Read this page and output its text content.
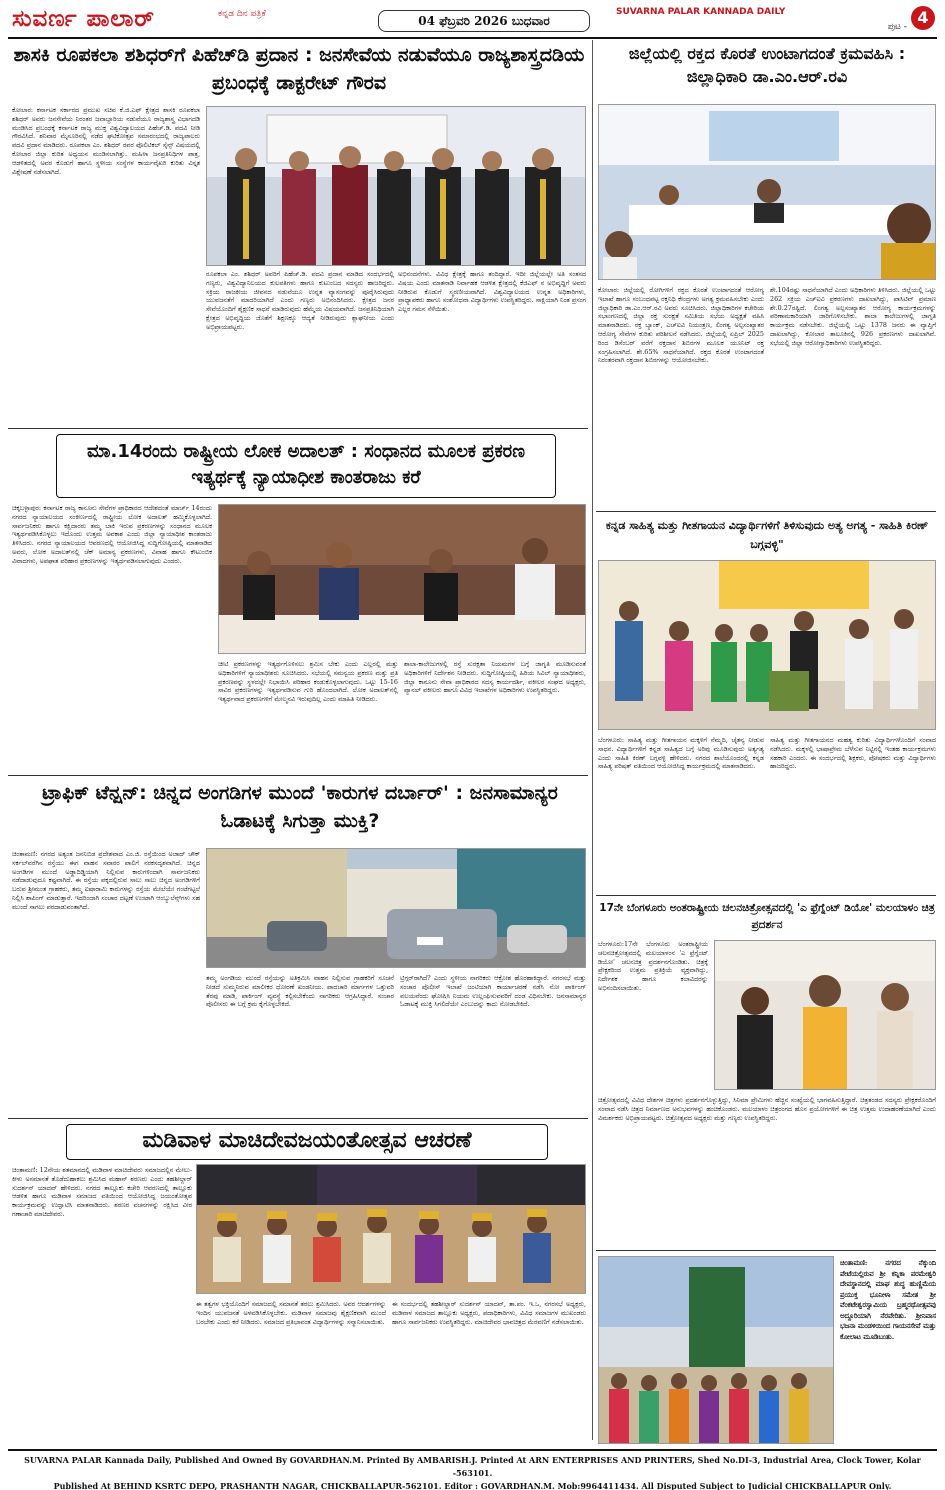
ಸುವರ್ಣ ಪಾಲಾರ್	ಕನ್ನಡ ದಿನ ಪತ್ರಿಕೆ	04 ಫೆಬ್ರವರಿ 2026 ಬುಧವಾರ
SUVARNA PALAR KANNADA DAILY
ಪುಟ - 4
ಶಾಸಕಿ ರೂಪಕಲಾ ಶಶಿಧರ್‌ಗೆ ಪಿಹೆಚ್‌ಡಿ ಪ್ರದಾನ : ಜನಸೇವೆಯ ನಡುವೆಯೂ ರಾಜ್ಯಶಾಸ್ತ್ರದಡಿಯ ಪ್ರಬಂಧಕ್ಕೆ ಡಾಕ್ಟರೇಟ್ ಗೌರವ
ಕೋಲಾರ: ಕರ್ನಾಟಕ ಸರ್ಕಾರದ ಪ್ರಮುಖ ಸಚಿವ ಕೆ.ಜಿ.ಎಫ್ ಕ್ಷೇತ್ರದ ಶಾಸಕಿ ರೂಪಕಲಾ ಶಶಿಧರ್ ಅವರು ಜನಸೇವೆಯ ನಿರಂತರ ಜವಾಬ್ದಾರಿಯ ನಡುವೆಯೂ ರಾಜ್ಯಶಾಸ್ತ್ರ ವಿಭಾಗದಡಿ ಮಂಡಿಸಿದ ಪ್ರಬಂಧಕ್ಕೆ ಕರ್ನಾಟಕ ರಾಜ್ಯ ಮುಕ್ತ ವಿಶ್ವವಿದ್ಯಾಲಯದ ಪಿಹೆಚ್.ಡಿ. ಪದವಿ ನೀಡಿ ಗೌರವಿಸಿದೆ. ಶನಿವಾರ ಮೈಸೂರಿನಲ್ಲಿ ನಡೆದ ಘಟಿಕೋತ್ಸವ ಸಮಾರಂಭದಲ್ಲಿ ರಾಜ್ಯಪಾಲರು ಪದವಿ ಪ್ರದಾನ ಮಾಡಿದರು. ರೂಪಕಲಾ ಎಂ. ಶಶಿಧರ್ ರವರ ಪೊಲಿಟಿಕಲ್ ಸೈನ್ಸ್ ವಿಷಯದಲ್ಲಿ ಕೋಲಾರ ಜಿಲ್ಲಾ ಕುರಿತ ಅಧ್ಯಯನ ಮಂಡಿಸಲಾಗಿತ್ತು. ಮಹಿಳಾ ಜನಪ್ರತಿನಿಧಿಗಳ ಪಾತ್ರ, ಆಡಳಿತದಲ್ಲಿ ಅವರ ಕೊಡುಗೆ ಹಾಗೂ ಸ್ಥಳೀಯ ಸಂಸ್ಥೆಗಳ ಕಾರ್ಯವೈಖರಿ ಕುರಿತು ವಿಸ್ತೃತ ವಿಶ್ಲೇಷಣೆ ನಡೆಸಲಾಗಿದೆ.
ರೂಪಕಲಾ ಎಂ. ಶಶಿಧರ್ ಅವರಿಗೆ ಪಿಹೆಚ್.ಡಿ. ಪದವಿ ಪ್ರದಾನ ಮಾಡಿದ ಸಂದರ್ಭದಲ್ಲಿ ಗಣ್ಯರು, ವಿಶ್ವವಿದ್ಯಾನಿಲಯದ ಕುಲಪತಿಗಳು ಹಾಗೂ ಕುಟುಂಬದ ಸದಸ್ಯರು ಹಾಜರಿದ್ದರು. ಸಕ್ರಿಯ ರಾಜಕೀಯ ಜೀವನದ ನಡುವೆಯೂ ಉನ್ನತ ವ್ಯಾಸಂಗವನ್ನು ಪೂರೈಸಿರುವುದು ಯುವಜನತೆಗೆ ಮಾದರಿಯಾಗಿದೆ ಎಂದು ಗಣ್ಯರು ಅಭಿನಂದಿಸಿದರು. ಕ್ಷೇತ್ರದ ಜನರ ಸೇವೆಯೊಂದಿಗೆ ಶೈಕ್ಷಣಿಕ ಸಾಧನೆ ಮಾಡಿರುವುದು ಹೆಮ್ಮೆಯ ವಿಷಯವಾಗಿದೆ. ಜನಪ್ರತಿನಿಧಿಯಾಗಿ ಕ್ಷೇತ್ರದ ಅಭಿವೃದ್ಧಿಯ ಜೊತೆಗೆ ಶಿಕ್ಷಣಕ್ಕೂ ಆದ್ಯತೆ ನೀಡಿರುವುದು ಶ್ಲಾಘನೀಯ ಎಂದು ಅಭಿಪ್ರಾಯಪಟ್ಟರು.
ಅಭಿನಂದನೆಗಳು. ವಿವಿಧ ಕ್ಷೇತ್ರಕ್ಕೆ ಹಾಗೂ ತಂದಿದ್ದಾರೆ. ಇದೀ ಜಿಲ್ಲೆಯಲ್ಲೇ ಅತಿ ಸಂತಸದ ವಿಷಯ ಎಂದು ಮಾತನಾಡಿ ನಿರ್ವಾಹಕ ಆಡಳಿತ ಕ್ಷೇತ್ರದಲ್ಲಿ ಕೆಜಿಎಫ್ ನ ಅಭಿವೃದ್ಧಿಗೆ ಅವರು ನೀಡಿರುವ ಕೊಡುಗೆ ಸ್ಮರಣೀಯವಾಗಿದೆ. ವಿಶ್ವವಿದ್ಯಾಲಯದ ಉನ್ನತ ಅಧಿಕಾರಿಗಳು, ಪ್ರಾಧ್ಯಾಪಕರು ಹಾಗೂ ಸಂಶೋಧನಾ ವಿದ್ಯಾರ್ಥಿಗಳು ಉಪಸ್ಥಿತರಿದ್ದರು. ಸಾಕ್ಷಿಯಾಗಿ ನಿಂತ ಪ್ರಸಂಗ ಎಲ್ಲರ ಗಮನ ಸೆಳೆಯಿತು.
ಮಾ.14ರಂದು ರಾಷ್ಟ್ರೀಯ ಲೋಕ ಅದಾಲತ್ : ಸಂಧಾನದ ಮೂಲಕ ಪ್ರಕರಣ ಇತ್ಯರ್ಥಕ್ಕೆ ನ್ಯಾಯಾಧೀಶ ಕಾಂತರಾಜು ಕರೆ
ಚಿಕ್ಕಬಳ್ಳಾಪುರ: ಕರ್ನಾಟಕ ರಾಜ್ಯ ಕಾನೂನು ಸೇವೆಗಳ ಪ್ರಾಧಿಕಾರದ ಆದೇಶದಂತೆ ಮಾರ್ಚ್ 14ರಂದು ನಗರದ ನ್ಯಾಯಾಲಯದ ಸಂಕೀರ್ಣದಲ್ಲಿ ರಾಷ್ಟ್ರೀಯ ಲೋಕ ಅದಾಲತ್ ಹಮ್ಮಿಕೊಳ್ಳಲಾಗಿದೆ. ಸಾರ್ವಜನಿಕರು ಹಾಗೂ ಕಕ್ಷಿದಾರರು ತಮ್ಮ ಬಾಕಿ ಇರುವ ಪ್ರಕರಣಗಳನ್ನು ಸಂಧಾನದ ಮೂಲಕ ಇತ್ಯರ್ಥಪಡಿಸಿಕೊಳ್ಳಲು ಇದೊಂದು ಉತ್ತಮ ಅವಕಾಶ ಎಂದು ಜಿಲ್ಲಾ ನ್ಯಾಯಾಧೀಶ ಕಾಂತರಾಜು ತಿಳಿಸಿದರು. ನಗರದ ನ್ಯಾಯಾಲಯದ ಆವರಣದಲ್ಲಿ ಆಯೋಜಿಸಿದ್ದ ಸುದ್ದಿಗೋಷ್ಠಿಯಲ್ಲಿ ಮಾತನಾಡಿದ ಅವರು, ಲೋಕ ಅದಾಲತ್‌ನಲ್ಲಿ ಚೆಕ್ ಅಮಾನ್ಯ ಪ್ರಕರಣಗಳು, ವಿವಾಹ ಹಾಗೂ ಕೌಟುಂಬಿಕ ವಿವಾದಗಳು, ಅಪಘಾತ ಪರಿಹಾರ ಪ್ರಕರಣಗಳನ್ನು ಇತ್ಯರ್ಥಪಡಿಸಲಾಗುವುದು ಎಂದರು.
ಚೀಟಿ ಪ್ರಕರಣಗಳನ್ನು ಇತ್ಯರ್ಥಗೊಳಿಸಲು ಶ್ರಮಿಸ ಬೇಕು ಎಂದು ಎಲ್ಲರಲ್ಲಿ ಮತ್ತು ಅಧಿಕಾರಿಗಳಿಗೆ ನ್ಯಾಯಾಧೀಶರು ಸೂಚಿಸಿದರು. ಸಭೆಯಲ್ಲಿ ಸಮನ್ವಯ ಪ್ರಕರಣ ಮತ್ತು ಪ್ರತಿ ಪ್ರಕರಣವನ್ನು ಸ್ಥಳದಲ್ಲೇ ನಿಭಾಯಿಸಿ ಪರಿಹಾರ ಕಂಡುಕೊಳ್ಳಲಾಗುವುದು. ಒಟ್ಟು 15-16 ಸಾವಿರ ಪ್ರಕರಣಗಳನ್ನು ಇತ್ಯರ್ಥಪಡಿಸುವ ಗುರಿ ಹೊಂದಲಾಗಿದೆ. ಲೋಕ ಅದಾಲತ್‌ನಲ್ಲಿ ಇತ್ಯರ್ಥವಾದ ಪ್ರಕರಣಗಳಿಗೆ ಮೇಲ್ಮನವಿ ಇರುವುದಿಲ್ಲ ಎಂದು ಮಾಹಿತಿ ನೀಡಿದರು.
ಶಾಲಾ-ಕಾಲೇಜುಗಳಲ್ಲಿ ರಸ್ತೆ ಸುರಕ್ಷತಾ ನಿಯಮಗಳ ಬಗ್ಗೆ ಜಾಗೃತಿ ಮೂಡಿಸುವಂತೆ ಅಧಿಕಾರಿಗಳಿಗೆ ನಿರ್ದೇಶನ ನೀಡಿದರು. ಸುದ್ದಿಗೋಷ್ಠಿಯಲ್ಲಿ ಹಿರಿಯ ಸಿವಿಲ್ ನ್ಯಾಯಾಧೀಶರು, ಜಿಲ್ಲಾ ಕಾನೂನು ಸೇವಾ ಪ್ರಾಧಿಕಾರದ ಸದಸ್ಯ ಕಾರ್ಯದರ್ಶಿ, ವಕೀಲರ ಸಂಘದ ಅಧ್ಯಕ್ಷರು, ಪ್ಯಾನಲ್ ವಕೀಲರು ಹಾಗೂ ವಿವಿಧ ಇಲಾಖೆಗಳ ಅಧಿಕಾರಿಗಳು ಉಪಸ್ಥಿತರಿದ್ದರು.
ಟ್ರಾಫಿಕ್ ಟೆನ್ಷನ್: ಚಿನ್ನದ ಅಂಗಡಿಗಳ ಮುಂದೆ 'ಕಾರುಗಳ ದರ್ಬಾರ್' : ಜನಸಾಮಾನ್ಯರ ಓಡಾಟಕ್ಕೆ ಸಿಗುತ್ತಾ ಮುಕ್ತಿ?
ಚಿಂತಾಮಣಿ: ನಗರದ ಅತ್ಯಂತ ಜನನಿಬಿಡ ಪ್ರದೇಶವಾದ ಎಂ.ಜಿ. ರಸ್ತೆಯಿಂದ ಅಜಾದ್ ಚೌಕ್ ಸರ್ಕಲ್‌ವರೆಗಿನ ರಸ್ತೆಯು ಈಗ ವಾಹನ ಸವಾರರ ಪಾಲಿಗೆ ನರಕಸದೃಶವಾಗಿದೆ. ಚಿನ್ನದ ಅಂಗಡಿಗಳ ಮುಂದೆ ಅಡ್ಡಾದಿಡ್ಡಿಯಾಗಿ ನಿಲ್ಲಿಸುವ ಕಾರುಗಳಿಂದಾಗಿ ಸಾರ್ವಜನಿಕರು ನಡೆದಾಡುವುದೂ ಕಷ್ಟವಾಗಿದೆ. ಈ ರಸ್ತೆಯ ಪಕ್ಕದಲ್ಲಿರುವ ಸಾಲು ಸಾಲು ಚಿನ್ನದ ಅಂಗಡಿಗಳಿಗೆ ಬರುವ ಶ್ರೀಮಂತ ಗ್ರಾಹಕರು, ತಮ್ಮ ಐಷಾರಾಮಿ ಕಾರುಗಳನ್ನು ರಸ್ತೆಯ ಮೇಲೆಯೇ ಗಂಟೆಗಟ್ಟಲೆ ನಿಲ್ಲಿಸಿ ಶಾಪಿಂಗ್ ಮಾಡುತ್ತಾರೆ. ಇದರಿಂದಾಗಿ ಸಂಚಾರ ದಟ್ಟಣೆ ಉಂಟಾಗಿ ಆಂಬ್ಯುಲೆನ್ಸ್‌ಗಳು ಸಹ ಮುಂದೆ ಸಾಗಲು ಪರದಾಡುವಂತಾಗಿದೆ.
ತಮ್ಮ ಅಂಗಡಿಯ ಮುಂದೆ ರಸ್ತೆಯನ್ನು ಅತಿಕ್ರಮಿಸಿ ವಾಹನ ನಿಲ್ಲಿಸುವ ಗ್ರಾಹಕರಿಗೆ ಸೂಚನೆ ನೀಡದೆ ಸುಮ್ಮನಿರುವ ಮಾಲೀಕರ ಧೋರಣೆ ಖಂಡನೀಯ. ಪಾದಚಾರಿ ಮಾರ್ಗಗಳ ಒತ್ತುವರಿ ತೆರವು ಮಾಡಿ, ಪಾರ್ಕಿಂಗ್ ವ್ಯವಸ್ಥೆ ಕಲ್ಪಿಸಬೇಕೆಂದು ನಾಗರಿಕರು ಆಗ್ರಹಿಸಿದ್ದಾರೆ. ಸಂಚಾರ ಪೊಲೀಸರು ಈ ಬಗ್ಗೆ ಕ್ರಮ ಕೈಗೊಳ್ಳಬೇಕಿದೆ.
ಟ್ರಿಗ್ಗರ್‌ರಾಗಿದೆ? ಎಂದು ಸ್ಥಳೀಯ ನಾಗರಿಕರು ಆಕ್ರೋಶ ಹೊರಹಾಕಿದ್ದಾರೆ. ನಗರಸಭೆ ಮತ್ತು ಸಂಚಾರ ಪೊಲೀಸ್ ಇಲಾಖೆ ಜಂಟಿಯಾಗಿ ಕಾರ್ಯಾಚರಣೆ ನಡೆಸಿ ನೋ ಪಾರ್ಕಿಂಗ್ ವಲಯವೆಂದು ಘೋಷಿಸಿ ನಿಯಮ ಉಲ್ಲಂಘಿಸುವವರಿಗೆ ದಂಡ ವಿಧಿಸಬೇಕು. ಜನಸಾಮಾನ್ಯರ ಓಡಾಟಕ್ಕೆ ಮುಕ್ತಿ ಸಿಗಲಿದೆಯೇ ಎಂಬುದನ್ನು ಕಾದು ನೋಡಬೇಕಿದೆ.
ಮಡಿವಾಳ ಮಾಚಿದೇವಜಯಂತೋತ್ಸವ ಆಚರಣೆ
ಚಿಂತಾಮಣಿ: 12ನೇಯ ಶತಮಾನದಲ್ಲಿ ಮಡಿವಾಳ ಮಾಚಿದೇವರು ಸಮಾಜದಲ್ಲಿನ ಮೇಲು-ಕೀಳು ಅಸಮಾನತೆ ತೊಡೆದುಹಾಕಲು ಶ್ರಮಿಸಿದ ಮಹಾನ್ ಶರಣರು ಎಂದು ತಹಶೀಲ್ದಾರ್ ಸುದರ್ಶನ್ ಯಾದವ್ ಹೇಳಿದರು. ನಗರದ ತಾಲ್ಲೂಕು ಕಚೇರಿ ಆವರಣದಲ್ಲಿ ತಾಲ್ಲೂಕು ಆಡಳಿತ ಹಾಗೂ ಮಡಿವಾಳ ಸಮಾಜದ ವತಿಯಿಂದ ಆಯೋಜಿಸಿದ್ದ ಜಯಂತೋತ್ಸವ ಕಾರ್ಯಕ್ರಮವನ್ನು ಉದ್ಘಾಟಿಸಿ ಮಾತನಾಡಿದರು. ಶರಣರ ವಚನಗಳನ್ನು ರಕ್ಷಿಸಿದ ವೀರ ಗಣಾಚಾರಿ ಮಾಚಿದೇವರು.
ಈ ತತ್ವಗಳ ಭಕ್ತಿಯೊಂದಿಗೆ ಸಮಾಜದಲ್ಲಿ ಸಮಾನತೆ ತರಲು ಶ್ರಮಿಸಿದರು. ಅವರ ಆದರ್ಶಗಳನ್ನು ಇಂದಿನ ಯುವಜನತೆ ಅಳವಡಿಸಿಕೊಳ್ಳಬೇಕು. ಮಡಿವಾಳ ಸಮಾಜವು ಶೈಕ್ಷಣಿಕವಾಗಿ ಮುಂದೆ ಬರಬೇಕು ಎಂದು ಕರೆ ನೀಡಿದರು. ಸಮಾಜದ ಪ್ರತಿಭಾವಂತ ವಿದ್ಯಾರ್ಥಿಗಳನ್ನು ಸನ್ಮಾನಿಸಲಾಯಿತು.
ಈ ಸಂದರ್ಭದಲ್ಲಿ ತಹಶೀಲ್ದಾರ್ ಸುದರ್ಶನ್ ಯಾದವ್, ತಾ.ಪಂ. ಇ.ಒ, ನಗರಸಭೆ ಅಧ್ಯಕ್ಷರು, ಮಡಿವಾಳ ಸಮಾಜದ ತಾಲ್ಲೂಕು ಅಧ್ಯಕ್ಷರು, ಪದಾಧಿಕಾರಿಗಳು, ವಿವಿಧ ಸಮಾಜಗಳ ಮುಖಂಡರು ಹಾಗೂ ಸಾರ್ವಜನಿಕರು ಉಪಸ್ಥಿತರಿದ್ದರು. ಮಾಚಿದೇವರ ಭಾವಚಿತ್ರದ ಮೆರವಣಿಗೆ ನಡೆಸಲಾಯಿತು.
ಜಿಲ್ಲೆಯಲ್ಲಿ ರಕ್ತದ ಕೊರತೆ ಉಂಟಾಗದಂತೆ ಕ್ರಮವಹಿಸಿ : ಜಿಲ್ಲಾಧಿಕಾರಿ ಡಾ.ಎಂ.ಆರ್.ರವಿ
ಕೋಲಾರ: ಜಿಲ್ಲೆಯಲ್ಲಿ ರೋಗಿಗಳಿಗೆ ರಕ್ತದ ಕೊರತೆ ಉಂಟಾಗದಂತೆ ಆರೋಗ್ಯ ಇಲಾಖೆ ಹಾಗೂ ಸಂಬಂಧಪಟ್ಟ ರಕ್ತನಿಧಿ ಕೇಂದ್ರಗಳು ಅಗತ್ಯ ಕ್ರಮವಹಿಸಬೇಕು ಎಂದು ಜಿಲ್ಲಾಧಿಕಾರಿ ಡಾ.ಎಂ.ಆರ್.ರವಿ ಅವರು ಸೂಚಿಸಿದರು. ಜಿಲ್ಲಾಧಿಕಾರಿಗಳ ಕಚೇರಿಯ ಸಭಾಂಗಣದಲ್ಲಿ ಜಿಲ್ಲಾ ರಕ್ತ ಸುರಕ್ಷತೆ ಸಮಿತಿಯ ಸಭೆಯ ಅಧ್ಯಕ್ಷತೆ ವಹಿಸಿ ಮಾತನಾಡಿದರು. ರಕ್ತ ಬ್ಯಾಂಕ್, ಎಚ್‌ಐವಿ ನಿಯಂತ್ರಣ, ಲಿಂಗತ್ವ ಅಲ್ಪಸಂಖ್ಯಾತರ ಆರೋಗ್ಯ ಸೇವೆಗಳ ಕುರಿತು ಪರಿಶೀಲನೆ ನಡೆಸಿದರು. ಜಿಲ್ಲೆಯಲ್ಲಿ ಏಪ್ರಿಲ್ 2025 ರಿಂದ ಡಿಸೆಂಬರ್ ವರೆಗೆ ರಕ್ತದಾನ ಶಿಬಿರಗಳ ಮೂಲಕ ಯೂನಿಟ್ ರಕ್ತ ಸಂಗ್ರಹಿಸಲಾಗಿದೆ. ಶೇ.65% ಸಾಧನೆಯಾಗಿದೆ. ರಕ್ತದ ಕೊರತೆ ಉಂಟಾಗದಂತೆ ನಿರಂತರವಾಗಿ ರಕ್ತದಾನ ಶಿಬಿರಗಳನ್ನು ಆಯೋಜಿಸಬೇಕು.
ಶೇ.104ರಷ್ಟು ಸಾಧನೆಯಾಗಿದೆ ಎಂದು ಅಧಿಕಾರಿಗಳು ತಿಳಿಸಿದರು. ಜಿಲ್ಲೆಯಲ್ಲಿ ಒಟ್ಟು 262 ಸಕ್ರಿಯ ಎಚ್‌ಐವಿ ಪ್ರಕರಣಗಳು ದಾಖಲಾಗಿದ್ದು, ಪಾಸಿಟಿವ್ ಪ್ರಮಾಣ ಶೇ.0.27ರಷ್ಟಿದೆ. ಲಿಂಗತ್ವ ಅಲ್ಪಸಂಖ್ಯಾತರ ಆರೋಗ್ಯ ಕಾರ್ಯಕ್ರಮಗಳನ್ನು ಪರಿಣಾಮಕಾರಿಯಾಗಿ ಜಾರಿಗೊಳಿಸಬೇಕು. ಶಾಲಾ ಕಾಲೇಜುಗಳಲ್ಲಿ ಜಾಗೃತಿ ಕಾರ್ಯಕ್ರಮ ನಡೆಸಬೇಕು. ಜಿಲ್ಲೆಯಲ್ಲಿ ಒಟ್ಟು 1378 ಜನರು ಈ ವ್ಯಾಪ್ತಿಗೆ ದಾಖಲಾಗಿದ್ದು, ಕೋಲಾರ ತಾಲೂಕಿನಲ್ಲಿ 926 ಪ್ರಕರಣಗಳು ದಾಖಲಾಗಿವೆ. ಸಭೆಯಲ್ಲಿ ಜಿಲ್ಲಾ ಆರೋಗ್ಯಾಧಿಕಾರಿಗಳು ಉಪಸ್ಥಿತರಿದ್ದರು.
ಕನ್ನಡ ಸಾಹಿತ್ಯ ಮತ್ತು ಗೀತಗಾಯನ ವಿದ್ಯಾರ್ಥಿಗಳಿಗೆ ತಿಳಿಸುವುದು ಅತ್ಯ ಅಗತ್ಯ - ಸಾಹಿತಿ ಕಿರಣ್ ಬಗ್ಗವಳ್ಳಿ"
ಬೆಂಗಳೂರು: ಸಾಹಿತ್ಯ ಮತ್ತು ಗೀತಗಾಯನ ಮಕ್ಕಳಿಗೆ ನೆಮ್ಮದಿ, ಚೈತನ್ಯ ನೀಡುವ ಸಾಧನ. ವಿದ್ಯಾರ್ಥಿಗಳಿಗೆ ಕನ್ನಡ ಸಾಹಿತ್ಯದ ಬಗ್ಗೆ ಅರಿವು ಮೂಡಿಸುವುದು ಅತ್ಯಗತ್ಯ ಎಂದು ಸಾಹಿತಿ ಕಿರಣ್ ಬಗ್ಗವಳ್ಳಿ ಹೇಳಿದರು. ನಗರದ ಶಾಲೆಯೊಂದರಲ್ಲಿ ಕನ್ನಡ ಸಾಹಿತ್ಯ ಪರಿಷತ್ ವತಿಯಿಂದ ಆಯೋಜಿಸಿದ್ದ ಕಾರ್ಯಕ್ರಮದಲ್ಲಿ ಮಾತನಾಡಿದರು.
ಸಾಹಿತ್ಯ ಮತ್ತು ಗೀತಗಾಯನದ ಮಹತ್ವ ಕುರಿತು ವಿದ್ಯಾರ್ಥಿಗಳೊಂದಿಗೆ ಸಂವಾದ ನಡೆಸಿದರು. ಮಕ್ಕಳಲ್ಲಿ ಭಾಷಾಪ್ರೇಮ ಬೆಳೆಸುವ ನಿಟ್ಟಿನಲ್ಲಿ ಇಂತಹ ಕಾರ್ಯಕ್ರಮಗಳು ಸಹಕಾರಿ ಎಂದರು. ಈ ಸಂದರ್ಭದಲ್ಲಿ ಶಿಕ್ಷಕರು, ಪೋಷಕರು ಮತ್ತು ವಿದ್ಯಾರ್ಥಿಗಳು ಹಾಜರಿದ್ದರು.
17ನೇ ಬೆಂಗಳೂರು ಅಂತರಾಷ್ಟ್ರೀಯ ಚಲನಚಿತ್ರೋತ್ಸವದಲ್ಲಿ 'ಎ ಫ್ರೆಗ್ನೆಂಟ್ ಡಿಯೋ' ಮಲಯಾಳಂ ಚಿತ್ರ ಪ್ರದರ್ಶನ
ಬೆಂಗಳೂರು:17ನೇ ಬೆಂಗಳೂರು ಅಂತರಾಷ್ಟ್ರೀಯ ಚಲನಚಿತ್ರೋತ್ಸವದಲ್ಲಿ ಮಲಯಾಳಂನ 'ಎ ಫ್ರೆಗ್ನೆಂಟ್ ಡಿಯೋ' ಚಲನಚಿತ್ರ ಪ್ರದರ್ಶನಗೊಂಡಿತು. ಚಿತ್ರಕ್ಕೆ ಪ್ರೇಕ್ಷಕರಿಂದ ಉತ್ತಮ ಪ್ರತಿಕ್ರಿಯೆ ವ್ಯಕ್ತವಾಗಿದ್ದು, ನಿರ್ದೇಶಕ ಹಾಗೂ ಕಲಾವಿದರನ್ನು ಅಭಿನಂದಿಸಲಾಯಿತು.
ಚಿತ್ರೋತ್ಸವದಲ್ಲಿ ವಿವಿಧ ದೇಶಗಳ ಚಿತ್ರಗಳು ಪ್ರದರ್ಶನಗೊಳ್ಳುತ್ತಿದ್ದು, ಸಿನಿಮಾ ಪ್ರೇಮಿಗಳು ಹೆಚ್ಚಿನ ಸಂಖ್ಯೆಯಲ್ಲಿ ಭಾಗವಹಿಸುತ್ತಿದ್ದಾರೆ. ಚಿತ್ರತಂಡದ ಸದಸ್ಯರು ಪ್ರೇಕ್ಷಕರೊಂದಿಗೆ ಸಂವಾದ ನಡೆಸಿ ಚಿತ್ರದ ನಿರ್ಮಾಣದ ಅನುಭವಗಳನ್ನು ಹಂಚಿಕೊಂಡರು. ಮಲಯಾಳಂ ಚಿತ್ರರಂಗದ ಹೊಸ ಪ್ರಯೋಗಗಳಿಗೆ ಈ ಚಿತ್ರ ಉತ್ತಮ ಉದಾಹರಣೆಯಾಗಿದೆ ಎಂದು ವಿಮರ್ಶಕರು ಅಭಿಪ್ರಾಯಪಟ್ಟರು. ಚಿತ್ರೋತ್ಸವದ ಅಧ್ಯಕ್ಷರು ಮತ್ತು ಗಣ್ಯರು ಉಪಸ್ಥಿತರಿದ್ದರು.
ಚಿಂತಾಮಣಿ: ನಗರದ ನೆಕ್ಕುಂದಿ ಪೇಟೆಯಲ್ಲಿರುವ ಶ್ರೀ ಕನ್ನಿಕಾ ಪರಮೇಶ್ವರಿ ದೇವಸ್ಥಾನದಲ್ಲಿ ಮಾಘ ಶುದ್ಧ ಹುಣ್ಣಿಮೆಯ ಪ್ರಯುಕ್ತ ಭೂನೀಳಾ ಸಮೇತ ಶ್ರೀ ವೆಂಕಟೇಶ್ವರಸ್ವಾಮಿಯ ಬ್ರಹ್ಮರಥೋತ್ಸವವು ಅದ್ದೂರಿಯಾಗಿ ನೆರವೇರಿತು. ಶ್ರೀನಿವಾಸ ಭಜನಾ ಮಂಡಳಿಯಿಂದ ಗಾಯನಸೇವೆ ಮತ್ತು ಕೋಲಾಟ ಮೂಡಿಬಂತು.
SUVARNA PALAR Kannada Daily, Published And Owned By GOVARDHAN.M. Printed By AMBARISH.J. Printed At ARN ENTERPRISES AND PRINTERS, Shed No.DI-3, Industrial Area, Clock Tower, Kolar -563101.
Published At BEHIND KSRTC DEPO, PRASHANTH NAGAR, CHICKBALLAPUR-562101. Editor : GOVARDHAN.M. Mob:9964411434. All Disputed Subject to Judicial CHICKBALLAPUR Only.
